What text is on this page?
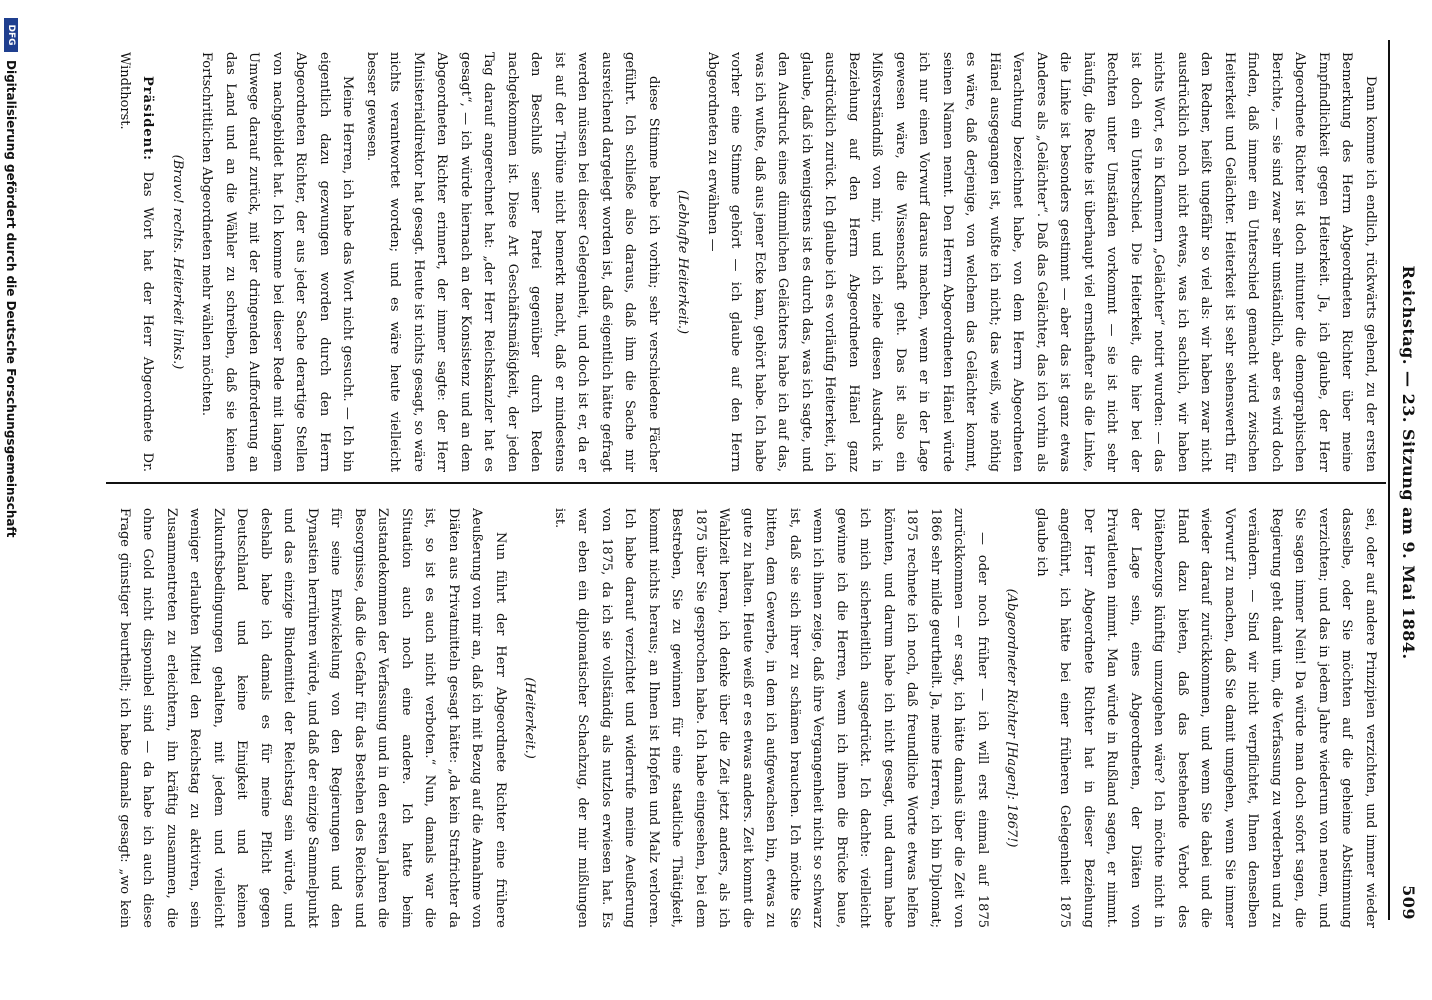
Reichstag. — 23. Sitzung am 9. Mai 1884.
509

Dann komme ich endlich, rückwärts gehend, zu der ersten Bemerkung des Herrn Abgeordneten Richter über meine Empfindlichkeit gegen Heiterkeit. Ja, ich glaube, der Herr Abgeordnete Richter ist doch mitunter die demographischen Berichte, — sie sind zwar sehr umständlich, aber es wird doch finden, daß immer ein Unterschied gemacht wird zwischen Heiterkeit und Gelächter. Heiterkeit ist sehr sehenswerth für den Redner, heißt ungefähr so viel als: wir haben zwar nicht ausdrücklich noch nicht etwas, was ich sachlich, wir haben nichts Wort, es in Klammern „Gelächter“ notirt wurden: — das ist doch ein Unterschied. Die Heiterkeit, die hier bei der Rechten unter Umständen vorkommt — sie ist nicht sehr häufig, die Rechte ist überhaupt viel ernsthafter als die Linke, die Linke ist besonders gestimmt — aber das ist ganz etwas Anderes als „Gelächter“. Daß das Gelächter, das ich vorhin als Verachtung bezeichnet habe, von dem Herrn Abgeordneten Hänel ausgegangen ist, wußte ich nicht; das weiß, wie nöthig es wäre, daß derjenige, von welchem das Gelächter kommt, seinen Namen nennt. Den Herrn Abgeordneten Hänel würde ich nur einen Vorwurf daraus machen, wenn er in der Lage gewesen wäre, die Wissenschaft geht. Das ist also ein Mißverständniß von mir, und ich ziehe diesen Ausdruck in Beziehung auf den Herrn Abgeordneten Hänel ganz ausdrücklich zurück. Ich glaube ich es vorläufig Heiterkeit, ich glaube, daß ich wenigstens ist es durch das, was ich sagte, und den Ausdruck eines dümmlichen Gelächters habe ich auf das, was ich wußte, daß aus jener Ecke kam, gehört habe. Ich habe vorher eine Stimme gehört — ich glaube auf den Herrn Abgeordneten zu erwähnen —

(Lebhafte Heiterkeit.)

diese Stimme habe ich vorhin; sehr verschiedene Fächer geführt. Ich schließe also daraus, daß ihm die Sache mir ausreichend dargelegt worden ist, daß eigentlich hätte gefragt werden müssen bei dieser Gelegenheit, und doch ist er, da er ist auf der Tribüne nicht bemerkt macht, daß er mindestens den Beschluß seiner Partei gegenüber durch Reden nachgekommen ist. Diese Art Geschäftsmäßigkeit, der jeden Tag darauf angerechnet hat: „der Herr Reichskanzler hat es gesagt“, — ich würde hiernach an der Konsistenz und an dem Abgeordneten Richter erinnert, der immer sagte: der Herr Ministerialdirektor hat gesagt. Heute ist nichts gesagt, so wäre nichts verantwortet worden; und es wäre heute vielleicht besser gewesen.

Meine Herren, ich habe das Wort nicht gesucht. — Ich bin eigentlich dazu gezwungen worden durch den Herrn Abgeordneten Richter, der aus jeder Sache derartige Stellen von nachgebildet hat. Ich komme bei dieser Rede mit langem Umwege darauf zurück, mit der dringenden Aufforderung an das Land und an die Wähler zu schreiben, daß sie keinen Fortschrittlichen Abgeordneten mehr wählen möchten.

(Bravo! rechts. Heiterkeit links.)

Präsident: Das Wort hat der Herr Abgeordnete Dr. Windthorst.

sei, oder auf andere Prinzipien verzichten, und immer wieder dasselbe, oder Sie möchten auf die geheime Abstimmung verzichten; und das in jedem Jahre wiederum von neuem, und Sie sagen immer Nein! Da würde man doch sofort sagen, die Regierung geht damit um, die Verfassung zu verderben und zu verändern. — Sind wir nicht verpflichtet, Ihnen denselben Vorwurf zu machen, daß Sie damit umgehen, wenn Sie immer wieder darauf zurückkommen, und wenn Sie dabei und die Hand dazu bieten, daß das bestehende Verbot des Diätenbezugs künftig umzugehen wäre? Ich möchte nicht in der Lage sein, eines Abgeordneten, der Diäten von Privatleuten nimmt. Man würde in Rußland sagen, er nimmt. Der Herr Abgeordnete Richter hat in dieser Beziehung angeführt, ich hätte bei einer früheren Gelegenheit 1875 glaube ich

(Abgeordneter Richter [Hagen]: 1867!)

— oder noch früher — ich will erst einmal auf 1875 zurückkommen — er sagt, ich hätte damals über die Zeit von 1866 sehr milde geurtheilt. Ja, meine Herren, ich bin Diplomat; 1875 rechnete ich noch, daß freundliche Worte etwas helfen könnten, und darum habe ich nicht gesagt, und darum habe ich mich sicherheitlich ausgedrückt. Ich dachte: vielleicht gewinne ich die Herren, wenn ich ihnen die Brücke baue, wenn ich ihnen zeige, daß ihre Vergangenheit nicht so schwarz ist, daß sie sich ihrer zu schämen brauchen. Ich möchte Sie bitten, dem Gewerbe, in dem ich aufgewachsen bin, etwas zu gute zu halten. Heute weiß er es etwas anders. Zeit kommt die Wahlzeit heran, ich denke über die Zeit jetzt anders, als ich 1875 über Sie gesprochen habe. Ich habe eingesehen, bei dem Bestreben, Sie zu gewinnen für eine staatliche Thätigkeit, kommt nichts heraus; an Ihnen ist Hopfen und Malz verloren. Ich habe darauf verzichtet und widerrufe meine Aeußerung von 1875, da ich sie vollständig als nutzlos erwiesen hat. Es war eben ein diplomatischer Schachzug, der mir mißlungen ist.

(Heiterkeit.)

Nun führt der Herr Abgeordnete Richter eine frühere Aeußerung von mir an, daß ich mit Bezug auf die Annahme von Diäten aus Privatmitteln gesagt hätte: „da kein Strafrichter da ist, so ist es auch nicht verboten.“ Nun, damals war die Situation auch noch eine andere. Ich hatte beim Zustandekommen der Verfassung und in den ersten Jahren die Besorgnisse, daß die Gefahr für das Bestehen des Reiches und für seine Entwickelung von den Regierungen und den Dynastien herrühren würde, und daß der einzige Sammelpunkt und das einzige Bindemittel der Reichstag sein würde, und deshalb habe ich damals es für meine Pflicht gegen Deutschland und keine Einigkeit und keinen Zukunftsbedingungen gehalten, mit jedem und vielleicht weniger erlaubten Mittel den Reichstag zu aktiviren, sein Zusammentreten zu erleichtern, ihn kräftig zusammen, die ohne Gold nicht disponibel sind — da habe ich auch diese Frage günstiger beurtheilt; ich habe damals gesagt: „wo kein

DFG
Digitalisierung gefördert durch die Deutsche Forschungsgemeinschaft
